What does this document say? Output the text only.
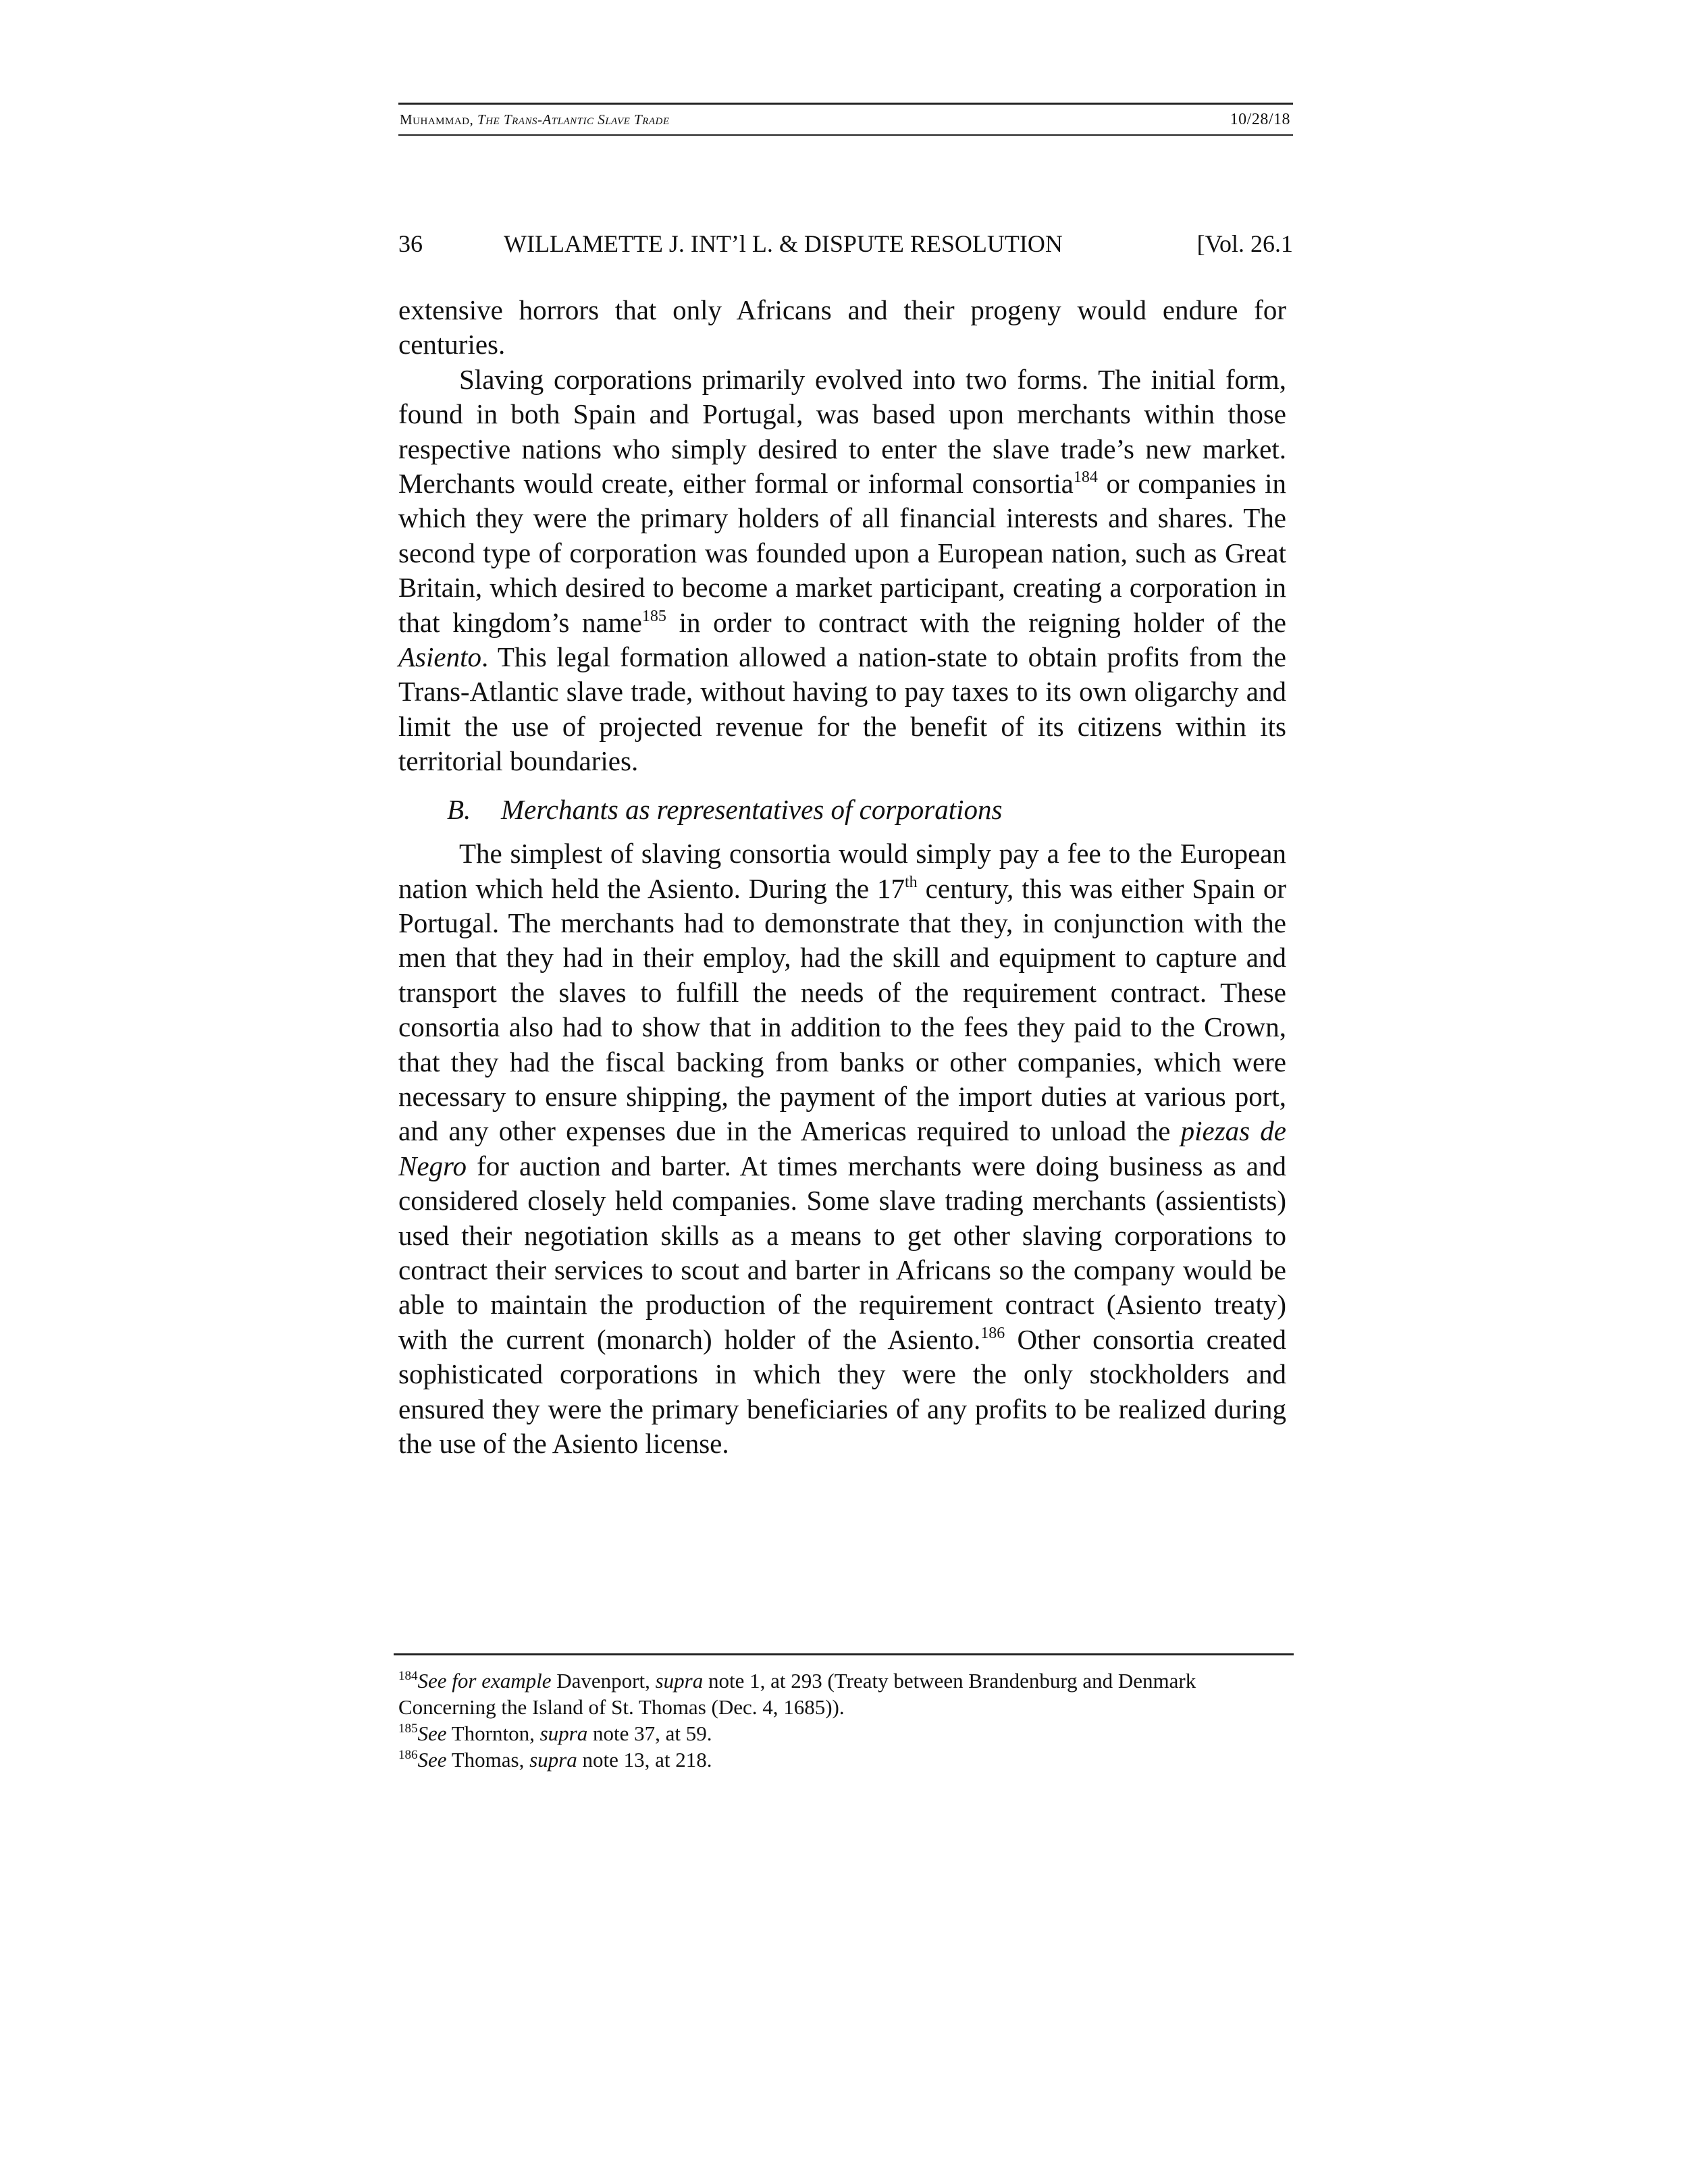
Muhammad, The Trans-Atlantic Slave Trade	10/28/18
36	WILLAMETTE J. INT’l L. & DISPUTE RESOLUTION	[Vol. 26.1

extensive horrors that only Africans and their progeny would endure for centuries.

Slaving corporations primarily evolved into two forms. The initial form, found in both Spain and Portugal, was based upon merchants within those respective nations who simply desired to enter the slave trade’s new market. Merchants would create, either formal or informal consortia$^{184}$ or companies in which they were the primary holders of all financial interests and shares. The second type of corporation was founded upon a European nation, such as Great Britain, which desired to become a market participant, creating a corporation in that kingdom’s name$^{185}$ in order to contract with the reigning holder of the Asiento. This legal formation allowed a nation-state to obtain profits from the Trans-Atlantic slave trade, without having to pay taxes to its own oligarchy and limit the use of projected revenue for the benefit of its citizens within its territorial boundaries.

B. Merchants as representatives of corporations

The simplest of slaving consortia would simply pay a fee to the European nation which held the Asiento. During the 17th century, this was either Spain or Portugal. The merchants had to demonstrate that they, in conjunction with the men that they had in their employ, had the skill and equipment to capture and transport the slaves to fulfill the needs of the requirement contract. These consortia also had to show that in addition to the fees they paid to the Crown, that they had the fiscal backing from banks or other companies, which were necessary to ensure shipping, the payment of the import duties at various port, and any other expenses due in the Americas required to unload the piezas de Negro for auction and barter. At times merchants were doing business as and considered closely held companies. Some slave trading merchants (assientists) used their negotiation skills as a means to get other slaving corporations to contract their services to scout and barter in Africans so the company would be able to maintain the production of the requirement contract (Asiento treaty) with the current (monarch) holder of the Asiento.$^{186}$ Other consortia created sophisticated corporations in which they were the only stockholders and ensured they were the primary beneficiaries of any profits to be realized during the use of the Asiento license.

$^{184}$See for example Davenport, supra note 1, at 293 (Treaty between Brandenburg and Denmark Concerning the Island of St. Thomas (Dec. 4, 1685)).

$^{185}$See Thornton, supra note 37, at 59.

$^{186}$See Thomas, supra note 13, at 218.
